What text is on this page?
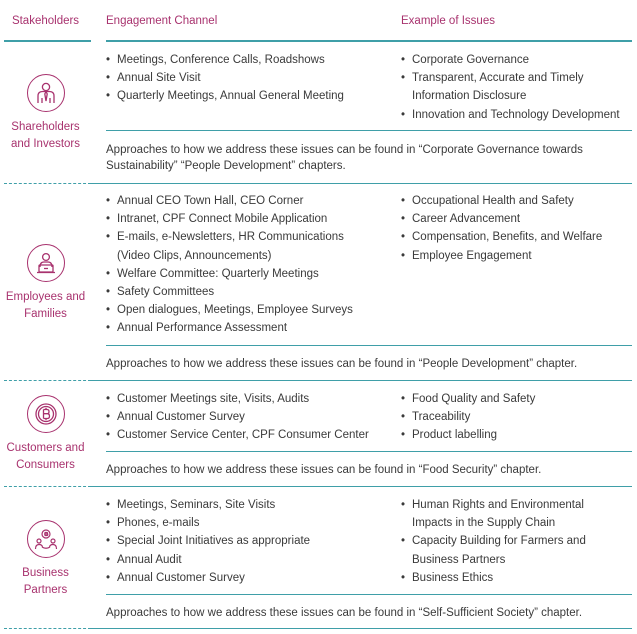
Stakeholders	Engagement Channel	Example of Issues
Shareholders
and Investors
• Meetings, Conference Calls, Roadshows
• Annual Site Visit
• Quarterly Meetings, Annual General Meeting
• Corporate Governance
• Transparent, Accurate and Timely
Information Disclosure
• Innovation and Technology Development
Approaches to how we address these issues can be found in “Corporate Governance towards
Sustainability” “People Development” chapters.
Employees and
Families
• Annual CEO Town Hall, CEO Corner
• Intranet, CPF Connect Mobile Application
• E-mails, e-Newsletters, HR Communications
(Video Clips, Announcements)
• Welfare Committee: Quarterly Meetings
• Safety Committees
• Open dialogues, Meetings, Employee Surveys
• Annual Performance Assessment
• Occupational Health and Safety
• Career Advancement
• Compensation, Benefits, and Welfare
• Employee Engagement
Approaches to how we address these issues can be found in “People Development” chapter.
Customers and
Consumers
• Customer Meetings site, Visits, Audits
• Annual Customer Survey
• Customer Service Center, CPF Consumer Center
• Food Quality and Safety
• Traceability
• Product labelling
Approaches to how we address these issues can be found in “Food Security” chapter.
Business
Partners
• Meetings, Seminars, Site Visits
• Phones, e-mails
• Special Joint Initiatives as appropriate
• Annual Audit
• Annual Customer Survey
• Human Rights and Environmental
Impacts in the Supply Chain
• Capacity Building for Farmers and
Business Partners
• Business Ethics
Approaches to how we address these issues can be found in “Self-Sufficient Society” chapter.
